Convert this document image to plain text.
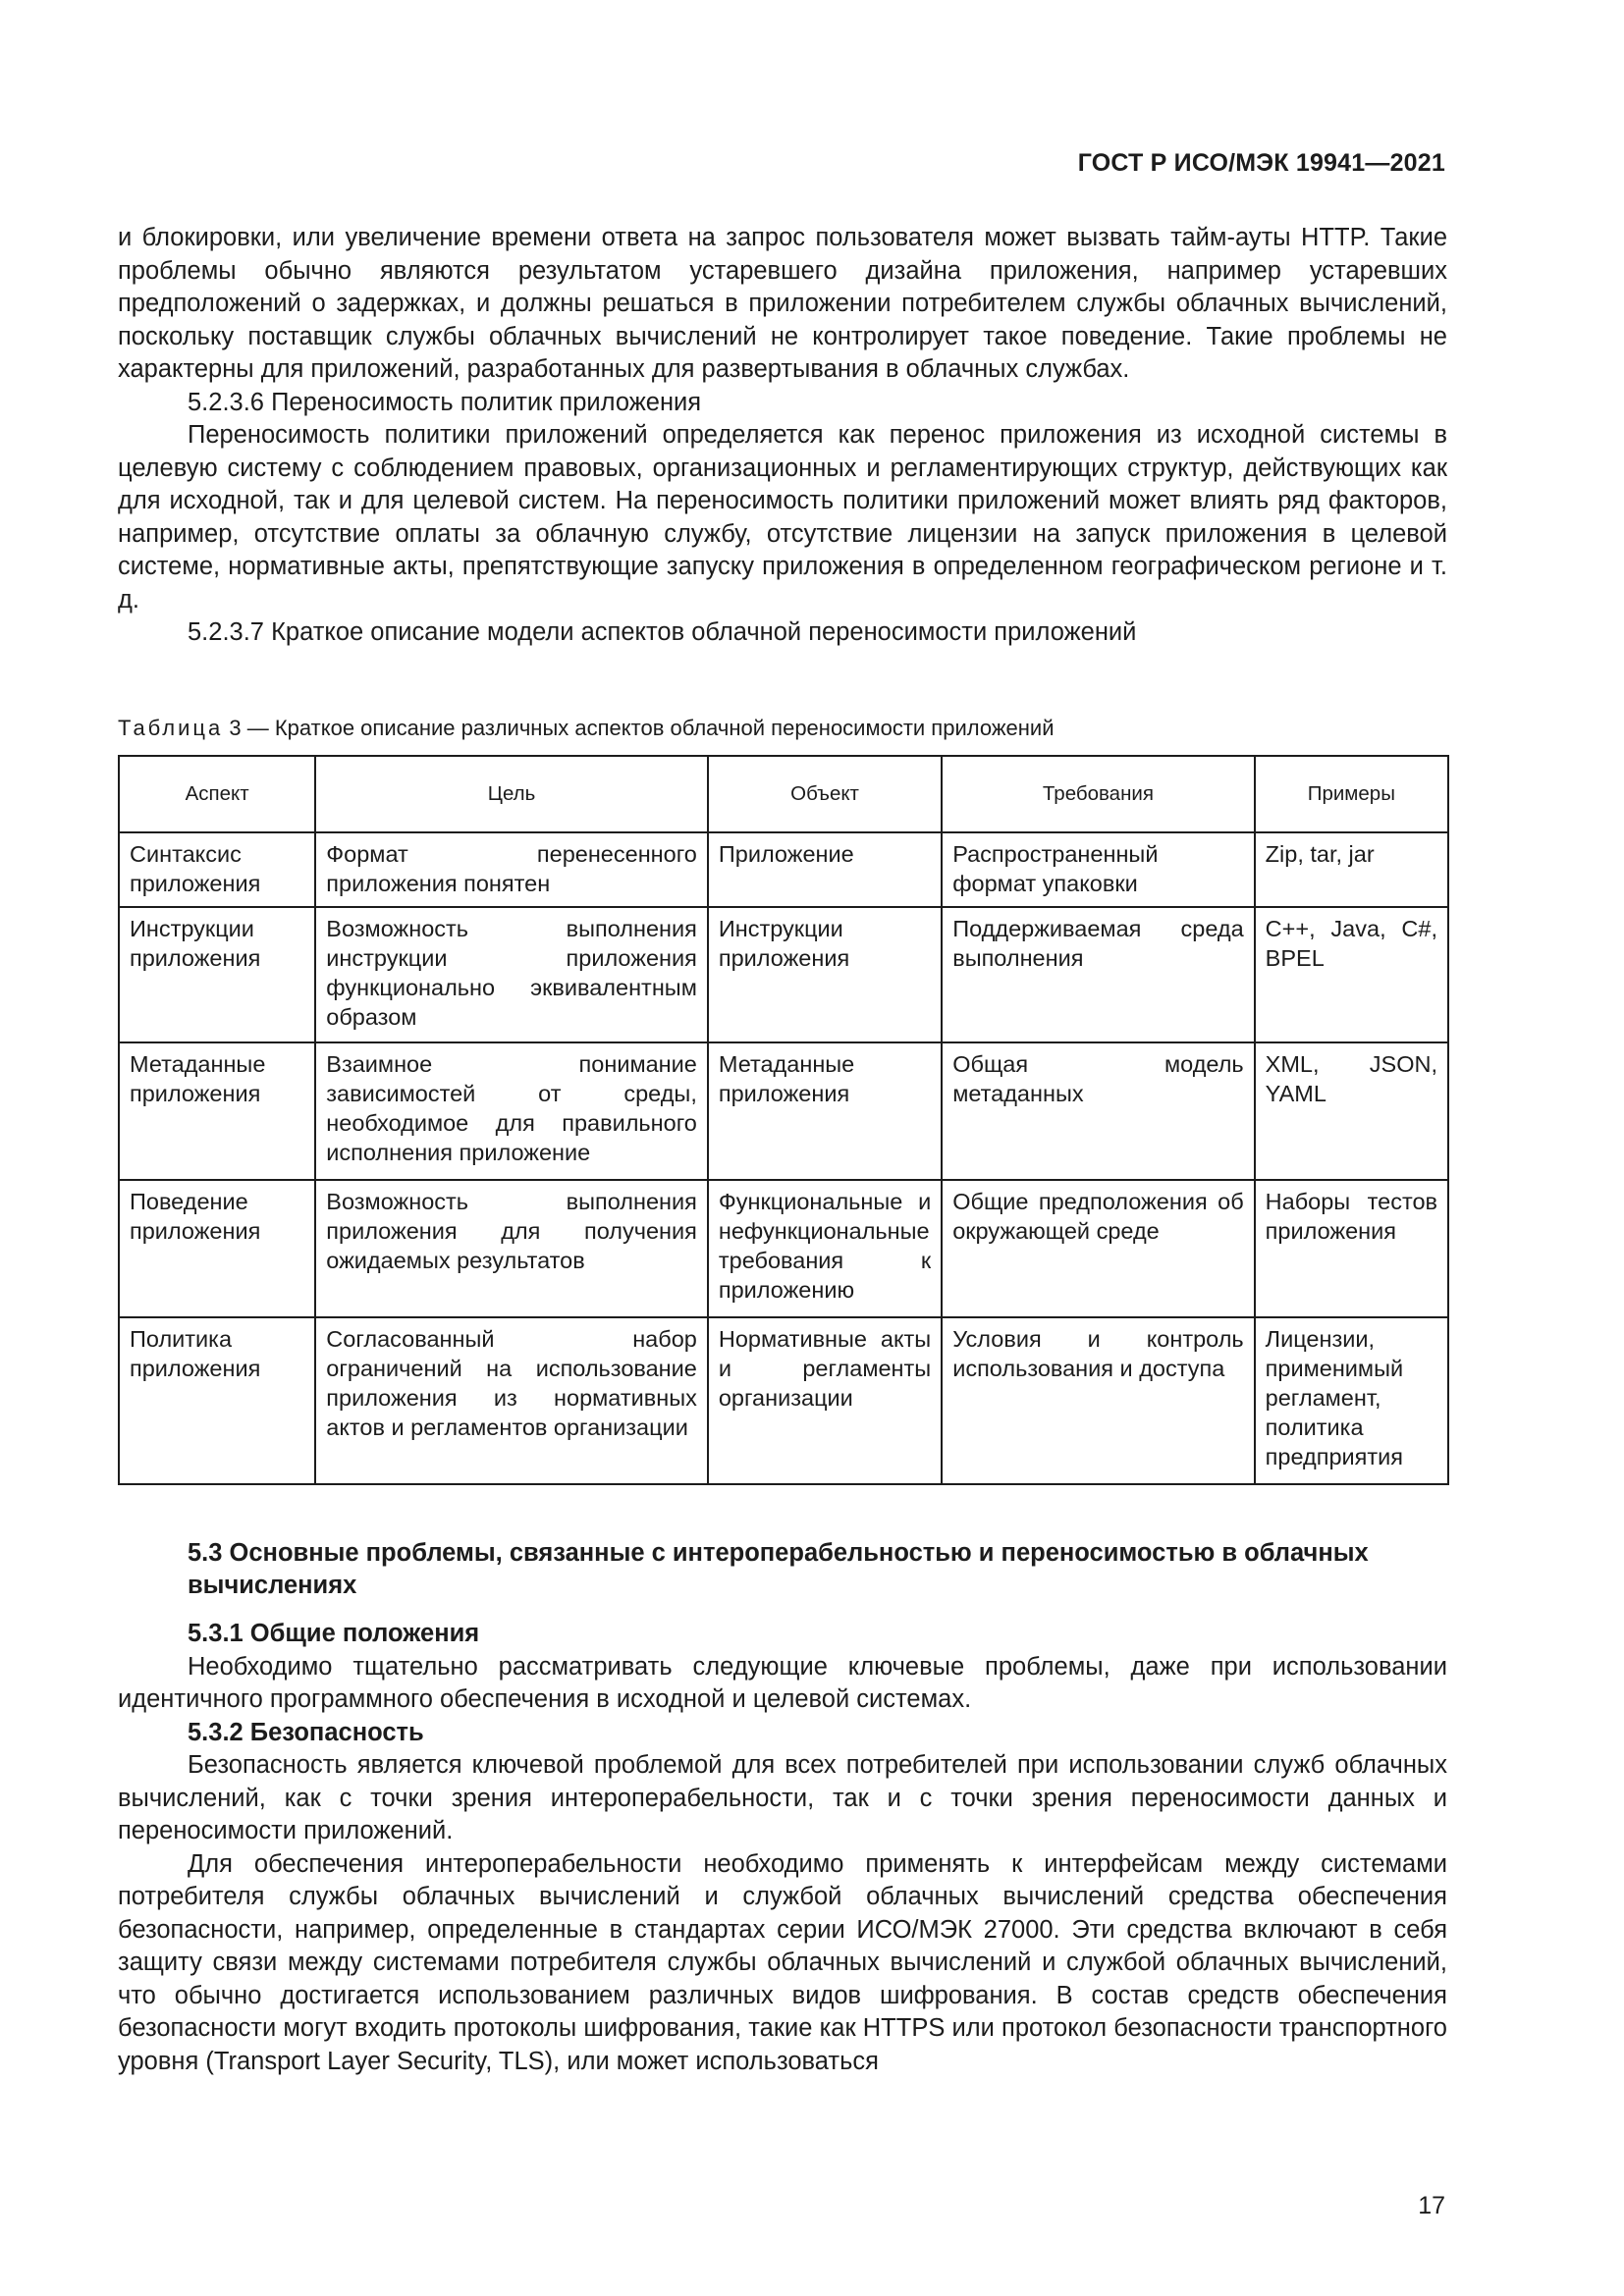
ГОСТ Р ИСО/МЭК 19941—2021

и блокировки, или увеличение времени ответа на запрос пользователя может вызвать тайм-ауты HTTP. Такие проблемы обычно являются результатом устаревшего дизайна приложения, например устаревших предположений о задержках, и должны решаться в приложении потребителем службы облачных вычислений, поскольку поставщик службы облачных вычислений не контролирует такое поведение. Такие проблемы не характерны для приложений, разработанных для развертывания в облачных службах.

5.2.3.6 Переносимость политик приложения

Переносимость политики приложений определяется как перенос приложения из исходной системы в целевую систему с соблюдением правовых, организационных и регламентирующих структур, действующих как для исходной, так и для целевой систем. На переносимость политики приложений может влиять ряд факторов, например, отсутствие оплаты за облачную службу, отсутствие лицензии на запуск приложения в целевой системе, нормативные акты, препятствующие запуску приложения в определенном географическом регионе и т. д.

5.2.3.7 Краткое описание модели аспектов облачной переносимости приложений

Таблица 3 — Краткое описание различных аспектов облачной переносимости приложений
Аспект	Цель	Объект	Требования	Примеры
Синтаксис приложения	Формат перенесенного приложения понятен	Приложение	Распространенный формат упаковки	Zip, tar, jar
Инструкции приложения	Возможность выполнения инструкции приложения функционально эквивалентным образом	Инструкции приложения	Поддерживаемая среда выполнения	C++, Java, C#, BPEL
Метаданные приложения	Взаимное понимание зависимостей от среды, необходимое для правильного исполнения приложение	Метаданные приложения	Общая модель метаданных	XML, JSON, YAML
Поведение приложения	Возможность выполнения приложения для получения ожидаемых результатов	Функциональные и нефункциональные требования к приложению	Общие предположения об окружающей среде	Наборы тестов приложения
Политика приложения	Согласованный набор ограничений на использование приложения из нормативных актов и регламентов организации	Нормативные акты и регламенты организации	Условия и контроль использования и доступа	Лицензии, применимый регламент, политика предприятия
5.3 Основные проблемы, связанные с интероперабельностью и переносимостью в облачных вычислениях

5.3.1 Общие положения

Необходимо тщательно рассматривать следующие ключевые проблемы, даже при использовании идентичного программного обеспечения в исходной и целевой системах.

5.3.2 Безопасность

Безопасность является ключевой проблемой для всех потребителей при использовании служб облачных вычислений, как с точки зрения интероперабельности, так и с точки зрения переносимости данных и переносимости приложений.

Для обеспечения интероперабельности необходимо применять к интерфейсам между системами потребителя службы облачных вычислений и службой облачных вычислений средства обеспечения безопасности, например, определенные в стандартах серии ИСО/МЭК 27000. Эти средства включают в себя защиту связи между системами потребителя службы облачных вычислений и службой облачных вычислений, что обычно достигается использованием различных видов шифрования. В состав средств обеспечения безопасности могут входить протоколы шифрования, такие как HTTPS или протокол безопасности транспортного уровня (Transport Layer Security, TLS), или может использоваться

17
